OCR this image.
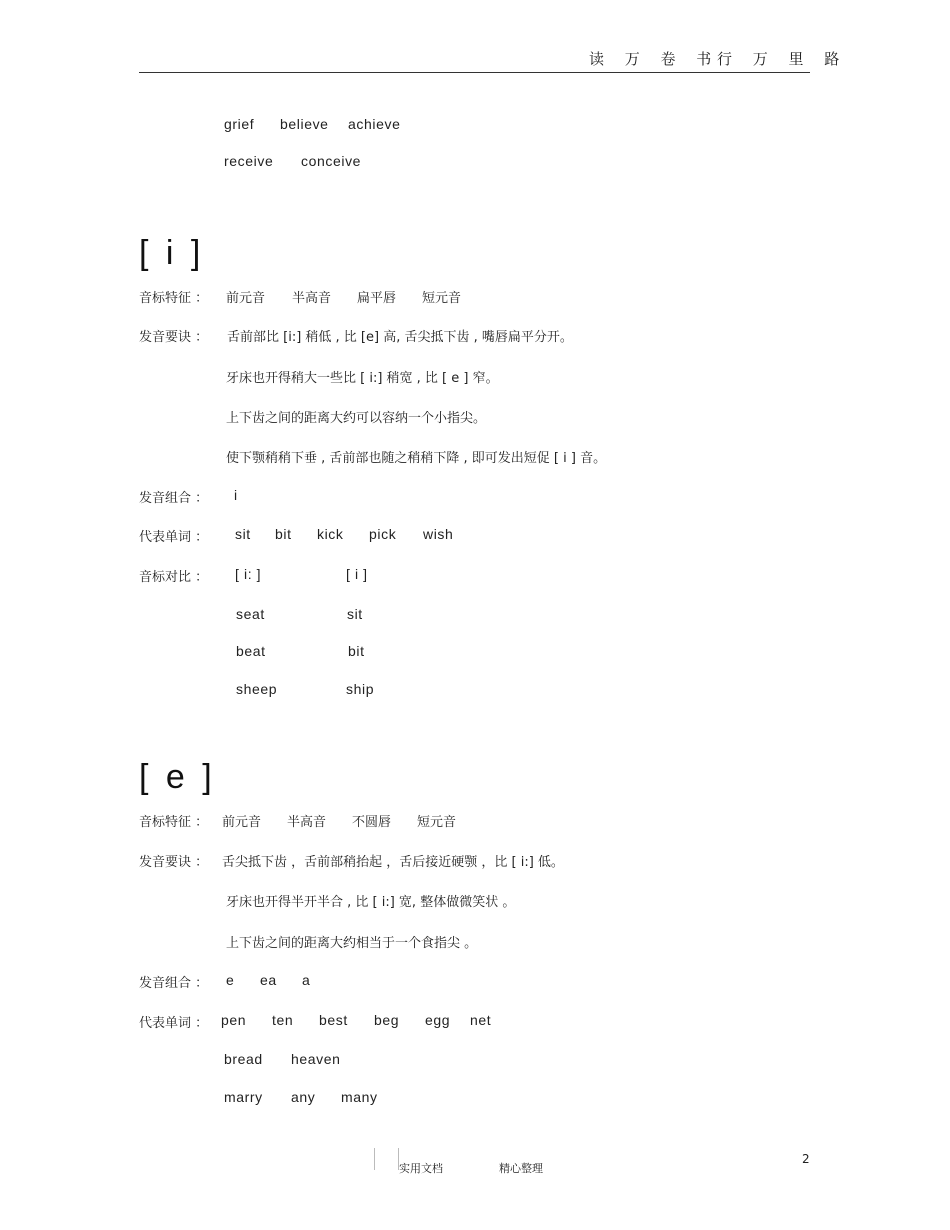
读 万 卷 书
行 万 里 路
grief believe achieve
receive conceive
[ i ]
音标特征 ： 前元音 半高音 扁平唇 短元音
发音要诀 ： 舌前部比 [i:] 稍低 , 比 [e] 高, 舌尖抵下齿 , 嘴唇扁平分开。
牙床也开得稍大一些比 [ i:] 稍宽 , 比 [ e ] 窄。
上下齿之间的距离大约可以容纳一个小指尖。
使下颚稍稍下垂 , 舌前部也随之稍稍下降 , 即可发出短促 [ i ] 音。
发音组合 ： i
代表单词 ： sit bit kick pick wish
音标对比 ： [ i: ]	[ i ]
seat	sit
beat	bit
sheep	ship
[ e ]
音标特征 ： 前元音 半高音 不圆唇 短元音
发音要诀 ： 舌尖抵下齿 ，舌前部稍抬起 ，舌后接近硬颚 ，比 [ i:] 低。
牙床也开得半开半合 , 比 [ i:] 宽, 整体做微笑状 。
上下齿之间的距离大约相当于一个食指尖 。
发音组合 ： e ea a
代表单词 ： pen ten best beg egg net
bread heaven
marry any many
实用文档	精心整理
2
